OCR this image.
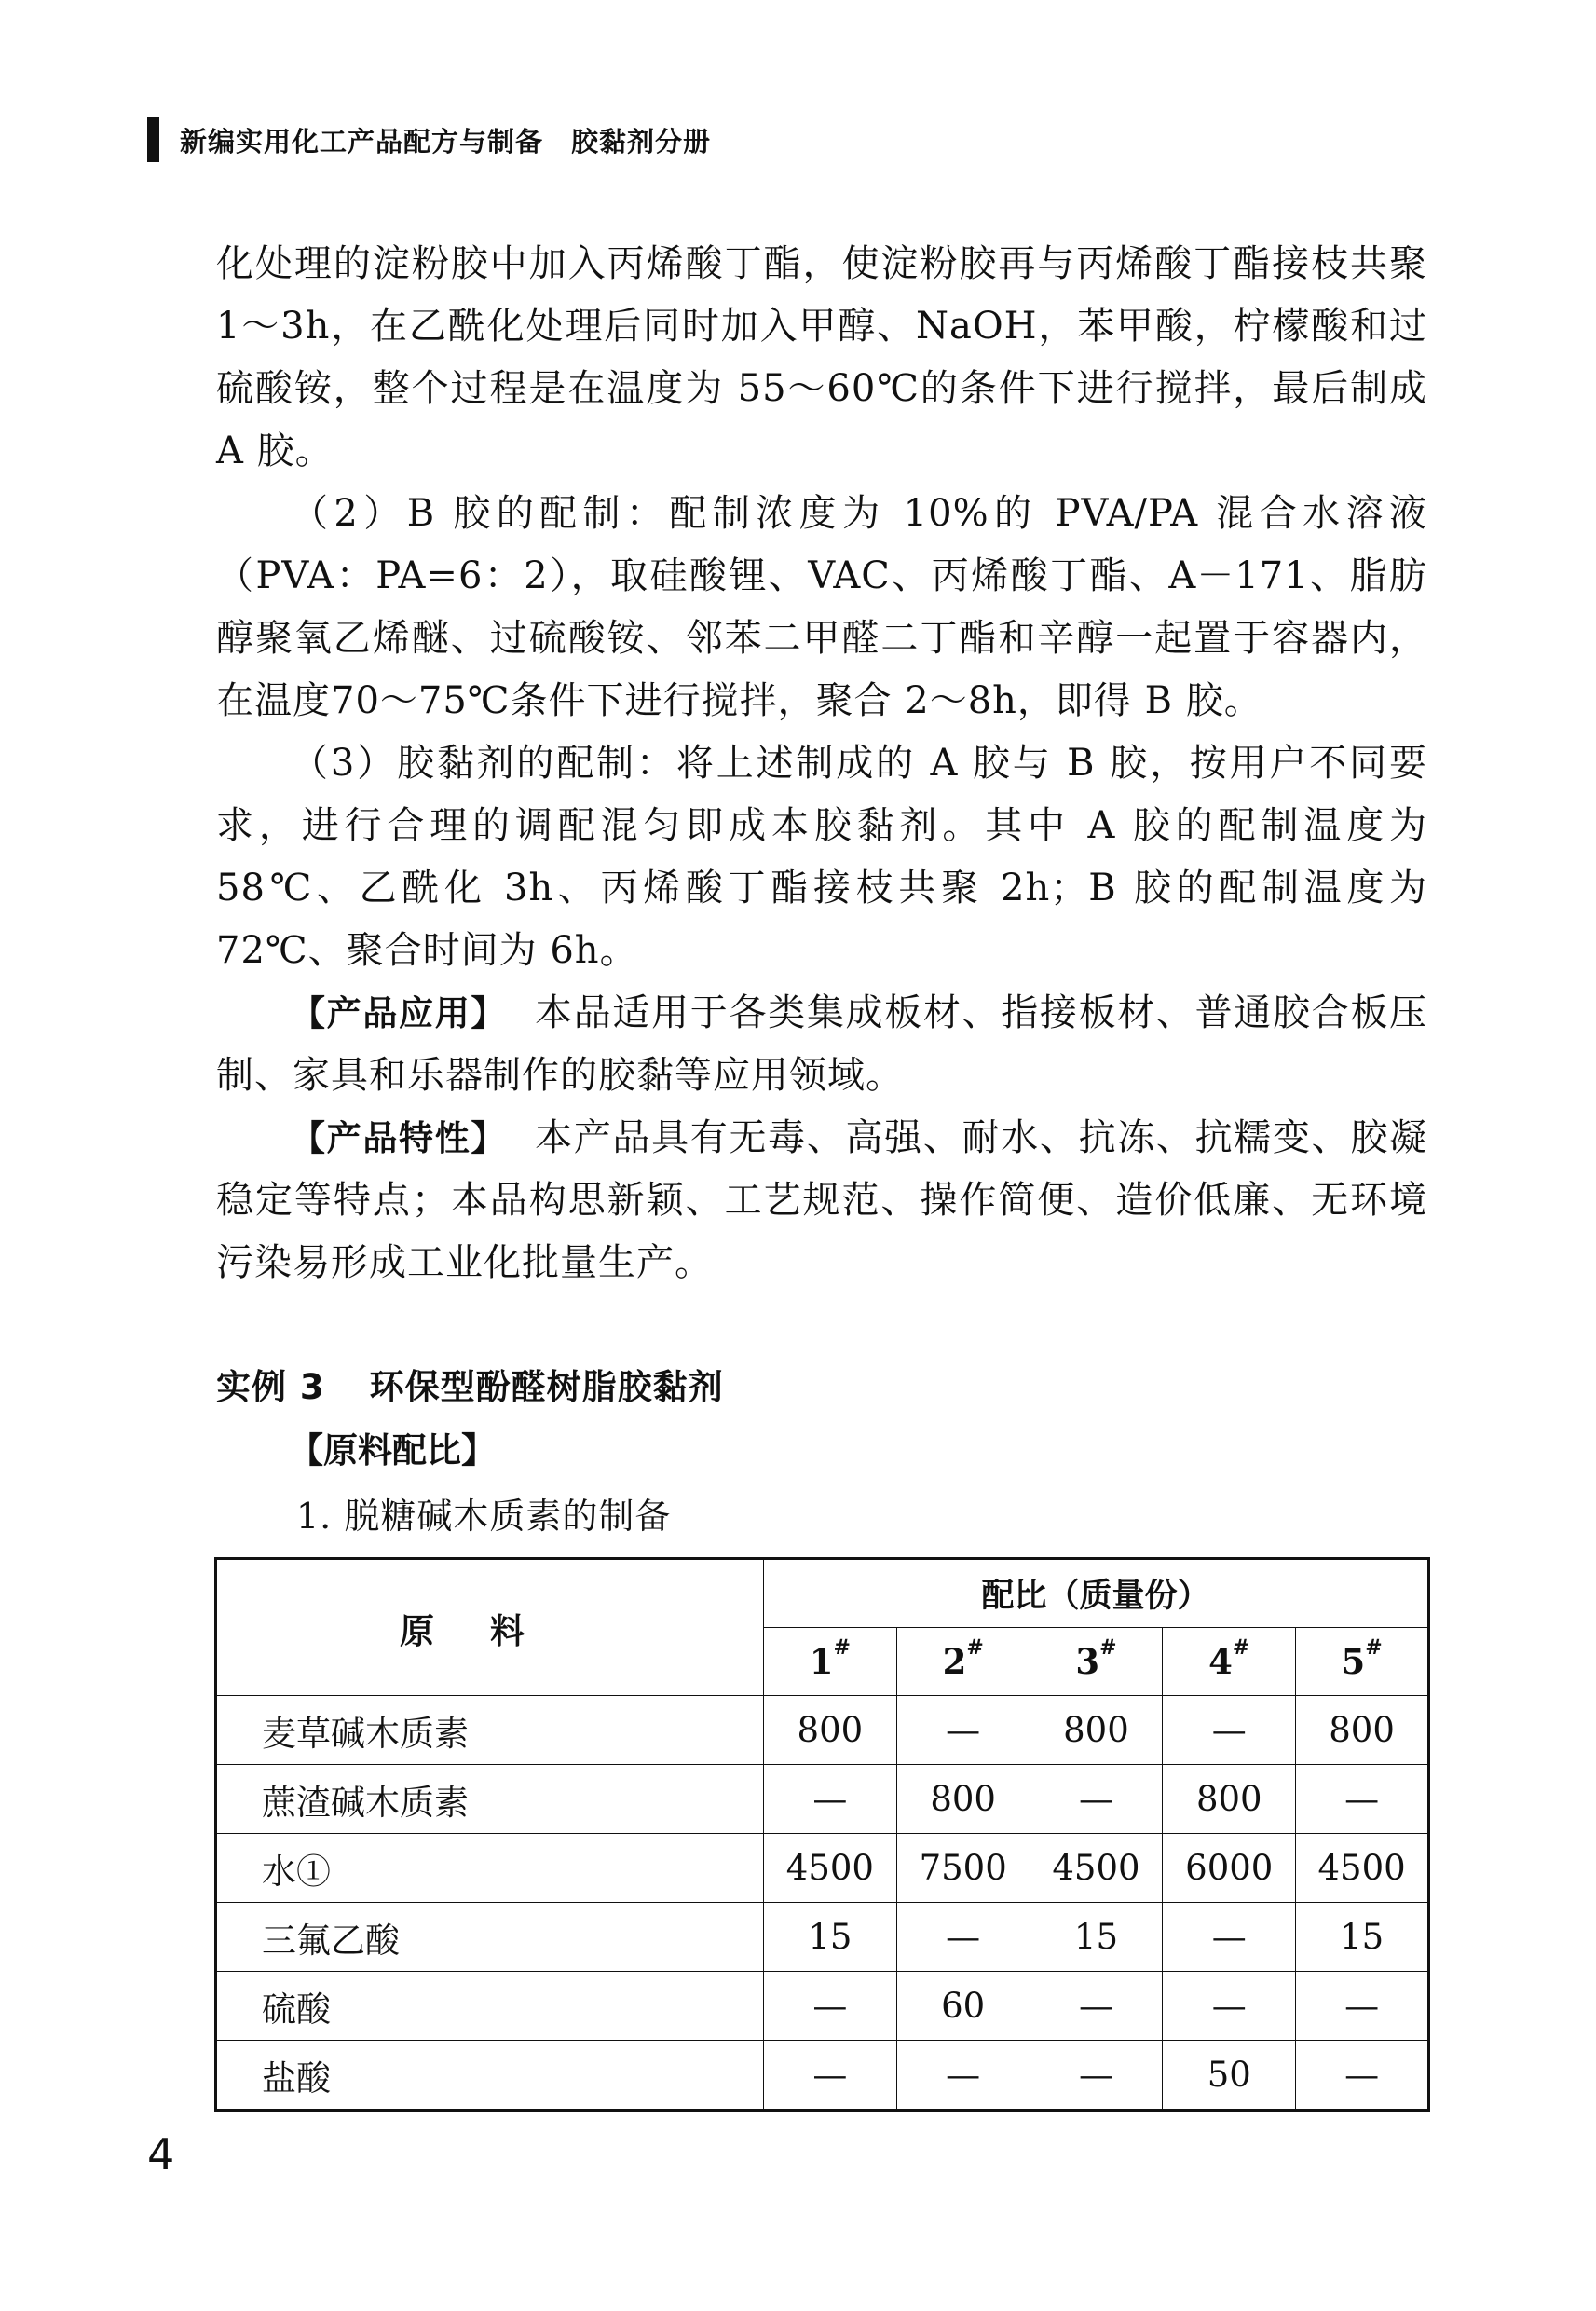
新编实用化工产品配方与制备　胶黏剂分册

化处理的淀粉胶中加入丙烯酸丁酯，使淀粉胶再与丙烯酸丁酯接枝共聚 1～3h，在乙酰化处理后同时加入甲醇、NaOH，苯甲酸，柠檬酸和过硫酸铵，整个过程是在温度为 55～60℃的条件下进行搅拌，最后制成 A 胶。

（2）B 胶的配制：配制浓度为 10%的 PVA/PA 混合水溶液（PVA：PA=6：2），取硅酸锂、VAC、丙烯酸丁酯、A－171、脂肪醇聚氧乙烯醚、过硫酸铵、邻苯二甲醛二丁酯和辛醇一起置于容器内，在温度70～75℃条件下进行搅拌，聚合 2～8h，即得 B 胶。

（3）胶黏剂的配制：将上述制成的 A 胶与 B 胶，按用户不同要求，进行合理的调配混匀即成本胶黏剂。其中 A 胶的配制温度为 58℃、乙酰化 3h、丙烯酸丁酯接枝共聚 2h；B 胶的配制温度为 72℃、聚合时间为 6h。

【产品应用】 本品适用于各类集成板材、指接板材、普通胶合板压制、家具和乐器制作的胶黏等应用领域。

【产品特性】 本产品具有无毒、高强、耐水、抗冻、抗糯变、胶凝稳定等特点；本品构思新颖、工艺规范、操作简便、造价低廉、无环境污染易形成工业化批量生产。

实例 3 环保型酚醛树脂胶黏剂
【原料配比】
1. 脱糖碱木质素的制备
原料	配比（质量份）				
	1#	2#	3#	4#	5#
麦草碱木质素	800	—	800	—	800
蔗渣碱木质素	—	800	—	800	—
水①	4500	7500	4500	6000	4500
三氟乙酸	15	—	15	—	15
硫酸	—	60	—	—	—
盐酸	—	—	—	50	—
4
